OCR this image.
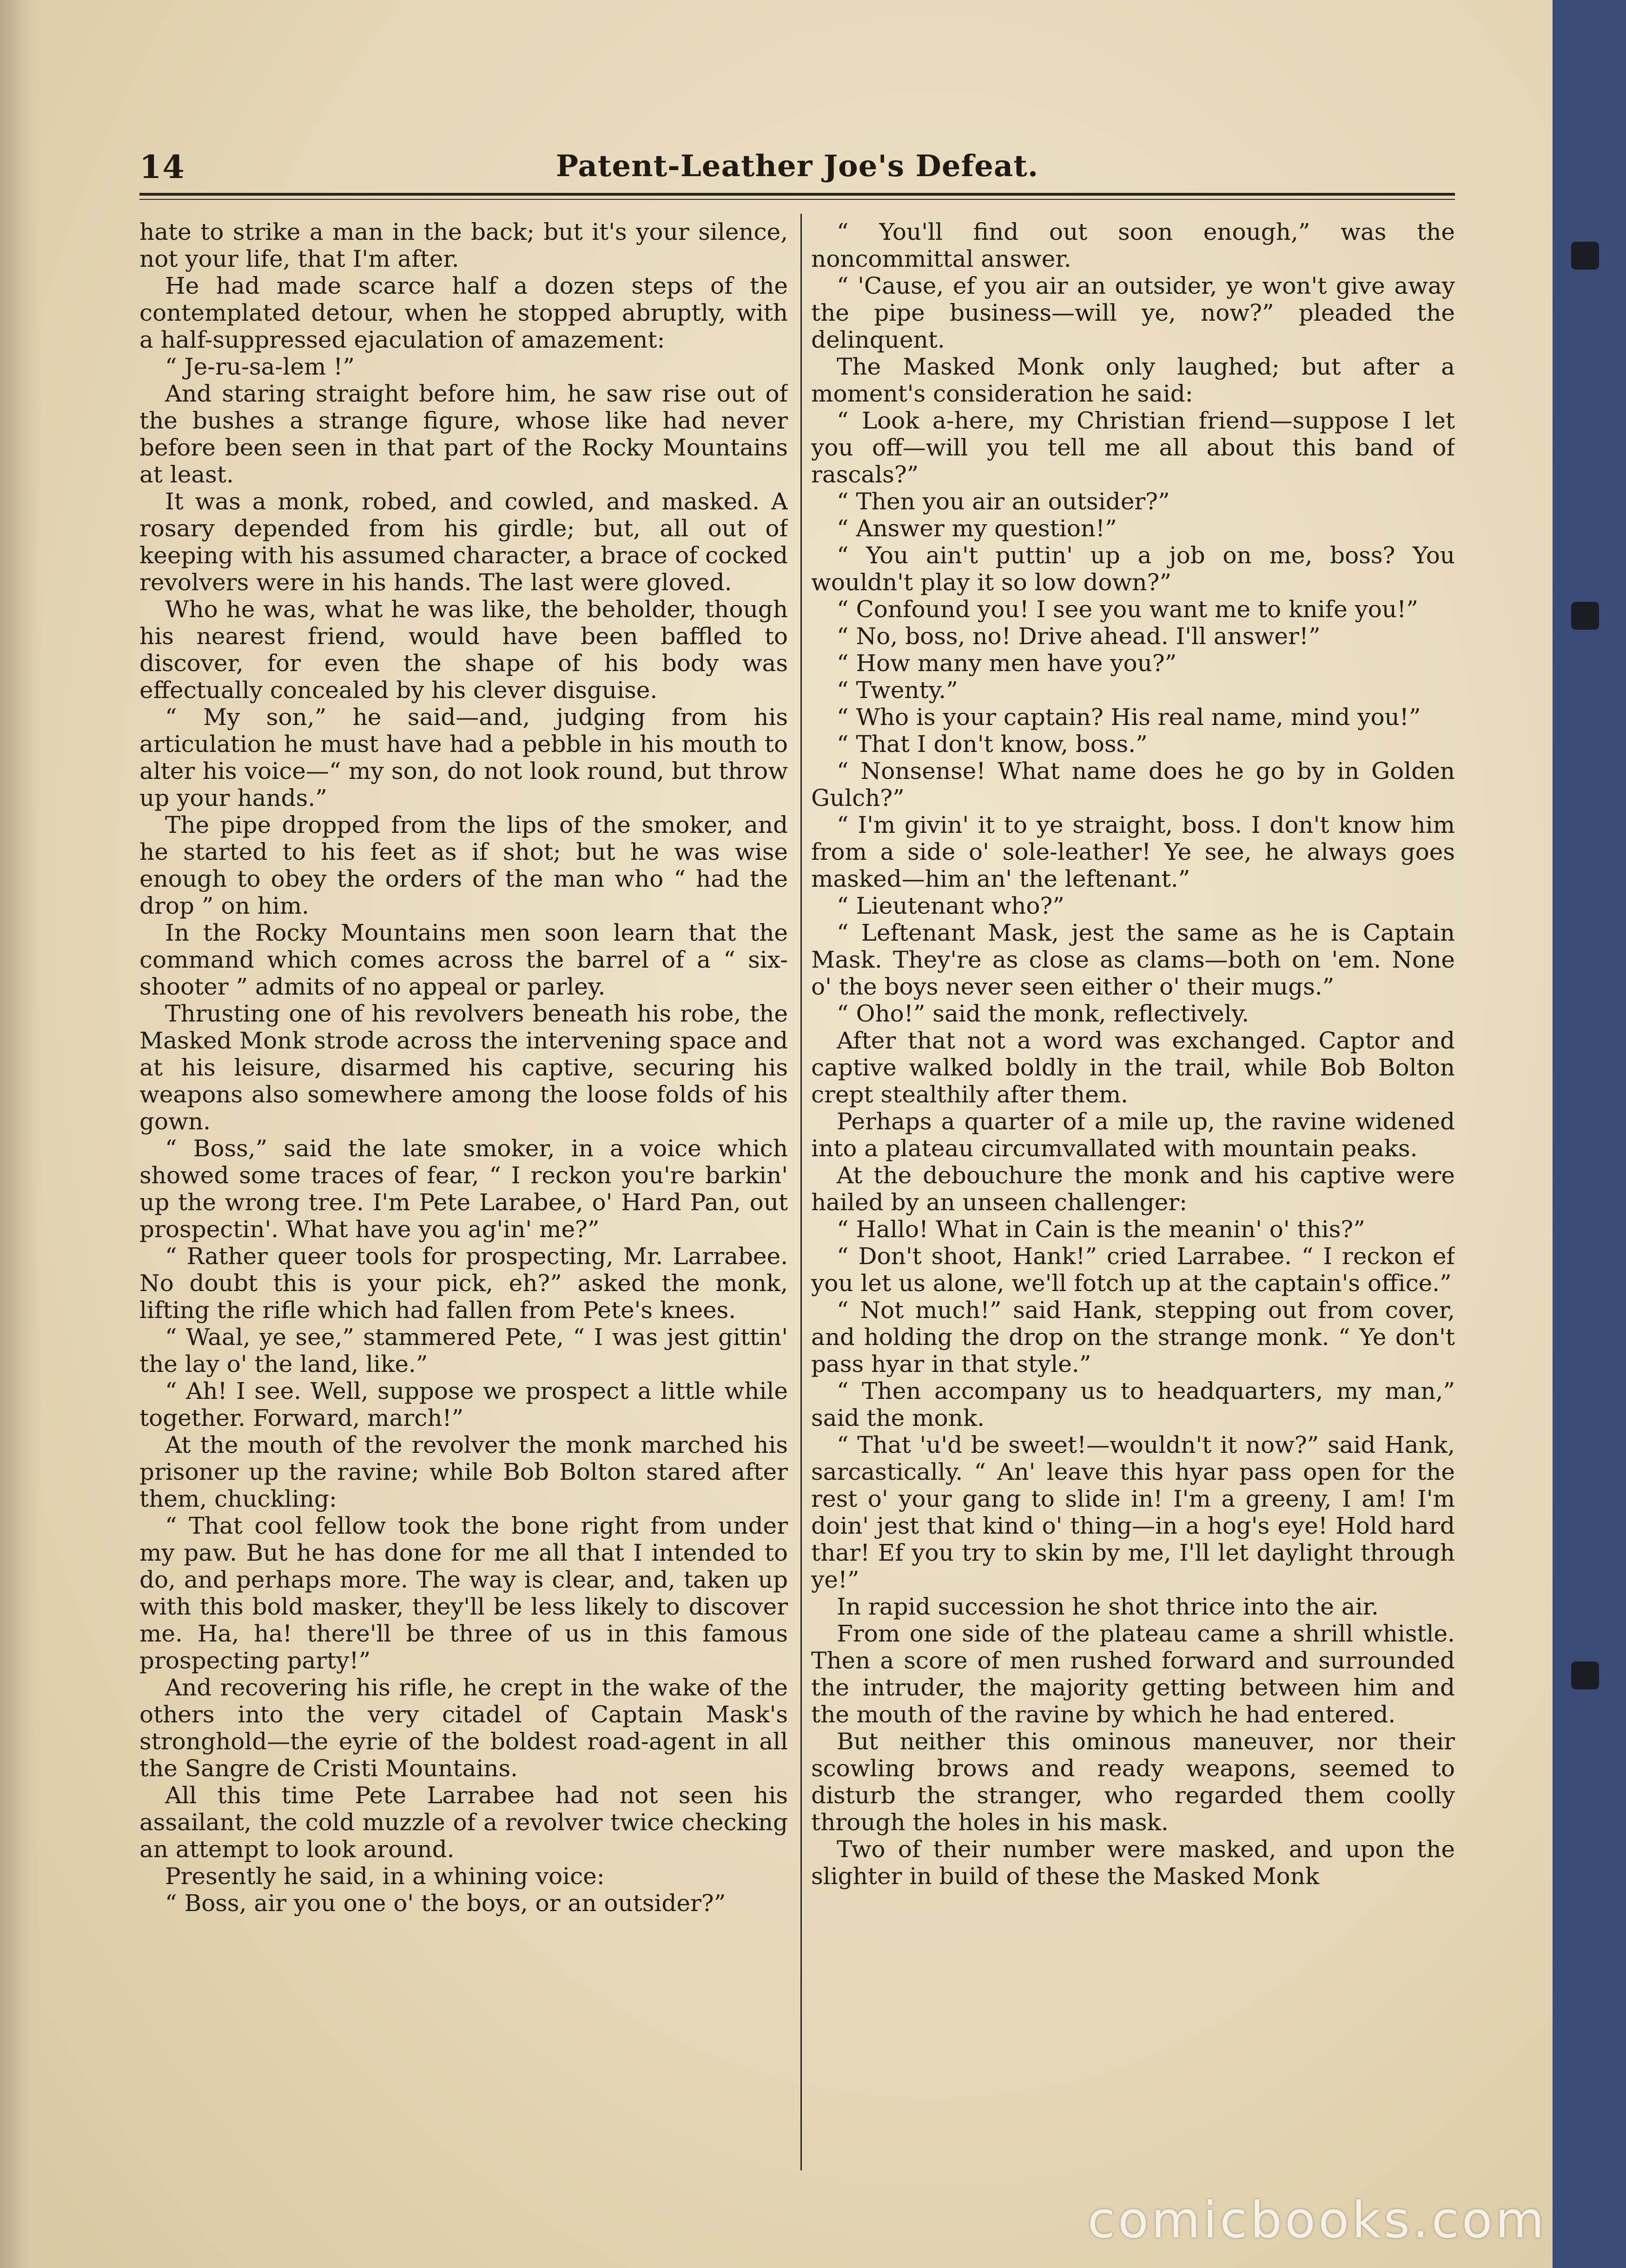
14	Patent-Leather Joe's Defeat.

hate to strike a man in the back; but it's your silence, not your life, that I'm after.

He had made scarce half a dozen steps of the contemplated detour, when he stopped abruptly, with a half-suppressed ejaculation of amazement:

“ Je-ru-sa-lem !”

And staring straight before him, he saw rise out of the bushes a strange figure, whose like had never before been seen in that part of the Rocky Mountains at least.

It was a monk, robed, and cowled, and masked. A rosary depended from his girdle; but, all out of keeping with his assumed character, a brace of cocked revolvers were in his hands. The last were gloved.

Who he was, what he was like, the beholder, though his nearest friend, would have been baffled to discover, for even the shape of his body was effectually concealed by his clever disguise.

“ My son,” he said—and, judging from his articulation he must have had a pebble in his mouth to alter his voice—“ my son, do not look round, but throw up your hands.”

The pipe dropped from the lips of the smoker, and he started to his feet as if shot; but he was wise enough to obey the orders of the man who “ had the drop ” on him.

In the Rocky Mountains men soon learn that the command which comes across the barrel of a “ six-shooter ” admits of no appeal or parley.

Thrusting one of his revolvers beneath his robe, the Masked Monk strode across the intervening space and at his leisure, disarmed his captive, securing his weapons also somewhere among the loose folds of his gown.

“ Boss,” said the late smoker, in a voice which showed some traces of fear, “ I reckon you're barkin' up the wrong tree. I'm Pete Larabee, o' Hard Pan, out prospectin'. What have you ag'in' me?”

“ Rather queer tools for prospecting, Mr. Larrabee. No doubt this is your pick, eh?” asked the monk, lifting the rifle which had fallen from Pete's knees.

“ Waal, ye see,” stammered Pete, “ I was jest gittin' the lay o' the land, like.”

“ Ah! I see. Well, suppose we prospect a little while together. Forward, march!”

At the mouth of the revolver the monk marched his prisoner up the ravine; while Bob Bolton stared after them, chuckling:

“ That cool fellow took the bone right from under my paw. But he has done for me all that I intended to do, and perhaps more. The way is clear, and, taken up with this bold masker, they'll be less likely to discover me. Ha, ha! there'll be three of us in this famous prospecting party!”

And recovering his rifle, he crept in the wake of the others into the very citadel of Captain Mask's stronghold—the eyrie of the boldest road-agent in all the Sangre de Cristi Mountains.

All this time Pete Larrabee had not seen his assailant, the cold muzzle of a revolver twice checking an attempt to look around.

Presently he said, in a whining voice:

“ Boss, air you one o' the boys, or an outsider?”

“ You'll find out soon enough,” was the noncommittal answer.

“ 'Cause, ef you air an outsider, ye won't give away the pipe business—will ye, now?” pleaded the delinquent.

The Masked Monk only laughed; but after a moment's consideration he said:

“ Look a-here, my Christian friend—suppose I let you off—will you tell me all about this band of rascals?”

“ Then you air an outsider?”

“ Answer my question!”

“ You ain't puttin' up a job on me, boss? You wouldn't play it so low down?”

“ Confound you! I see you want me to knife you!”

“ No, boss, no! Drive ahead. I'll answer!”

“ How many men have you?”

“ Twenty.”

“ Who is your captain? His real name, mind you!”

“ That I don't know, boss.”

“ Nonsense! What name does he go by in Golden Gulch?”

“ I'm givin' it to ye straight, boss. I don't know him from a side o' sole-leather! Ye see, he always goes masked—him an' the leftenant.”

“ Lieutenant who?”

“ Leftenant Mask, jest the same as he is Captain Mask. They're as close as clams—both on 'em. None o' the boys never seen either o' their mugs.”

“ Oho!” said the monk, reflectively.

After that not a word was exchanged. Captor and captive walked boldly in the trail, while Bob Bolton crept stealthily after them.

Perhaps a quarter of a mile up, the ravine widened into a plateau circumvallated with mountain peaks.

At the debouchure the monk and his captive were hailed by an unseen challenger:

“ Hallo! What in Cain is the meanin' o' this?”

“ Don't shoot, Hank!” cried Larrabee. “ I reckon ef you let us alone, we'll fotch up at the captain's office.”

“ Not much!” said Hank, stepping out from cover, and holding the drop on the strange monk. “ Ye don't pass hyar in that style.”

“ Then accompany us to headquarters, my man,” said the monk.

“ That 'u'd be sweet!—wouldn't it now?” said Hank, sarcastically. “ An' leave this hyar pass open for the rest o' your gang to slide in! I'm a greeny, I am! I'm doin' jest that kind o' thing—in a hog's eye! Hold hard thar! Ef you try to skin by me, I'll let daylight through ye!”

In rapid succession he shot thrice into the air.

From one side of the plateau came a shrill whistle. Then a score of men rushed forward and surrounded the intruder, the majority getting between him and the mouth of the ravine by which he had entered.

But neither this ominous maneuver, nor their scowling brows and ready weapons, seemed to disturb the stranger, who regarded them coolly through the holes in his mask.

Two of their number were masked, and upon the slighter in build of these the Masked Monk

comicbooks.com
